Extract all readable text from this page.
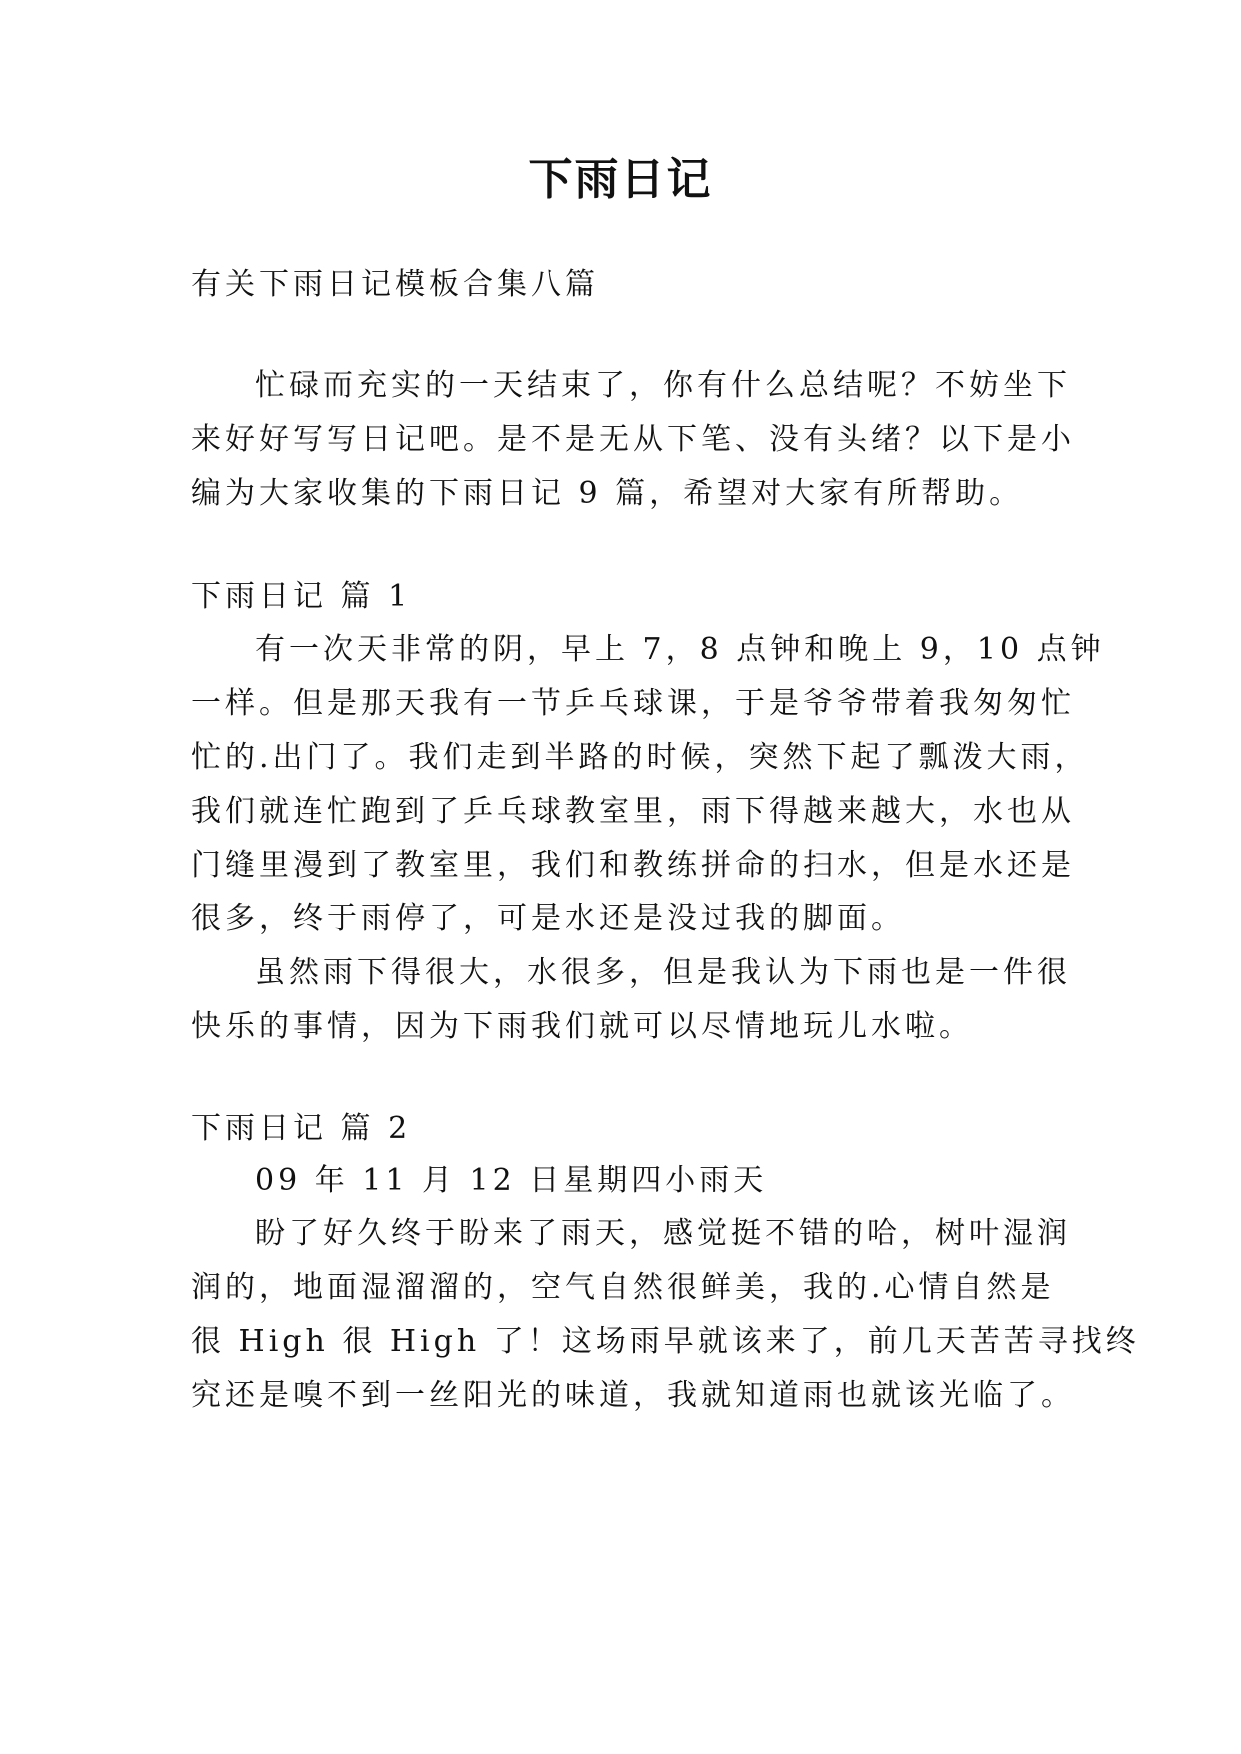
下雨日记
有关下雨日记模板合集八篇
忙碌而充实的一天结束了，你有什么总结呢？不妨坐下
来好好写写日记吧。是不是无从下笔、没有头绪？以下是小
编为大家收集的下雨日记 9 篇，希望对大家有所帮助。
下雨日记 篇 1
有一次天非常的阴，早上 7，8 点钟和晚上 9，10 点钟
一样。但是那天我有一节乒乓球课，于是爷爷带着我匆匆忙
忙的.出门了。我们走到半路的时候，突然下起了瓢泼大雨，
我们就连忙跑到了乒乓球教室里，雨下得越来越大，水也从
门缝里漫到了教室里，我们和教练拼命的扫水，但是水还是
很多，终于雨停了，可是水还是没过我的脚面。
虽然雨下得很大，水很多，但是我认为下雨也是一件很
快乐的事情，因为下雨我们就可以尽情地玩儿水啦。
下雨日记 篇 2
09 年 11 月 12 日星期四小雨天
盼了好久终于盼来了雨天，感觉挺不错的哈，树叶湿润
润的，地面湿溜溜的，空气自然很鲜美，我的.心情自然是
很 High 很 High 了！这场雨早就该来了，前几天苦苦寻找终
究还是嗅不到一丝阳光的味道，我就知道雨也就该光临了。
